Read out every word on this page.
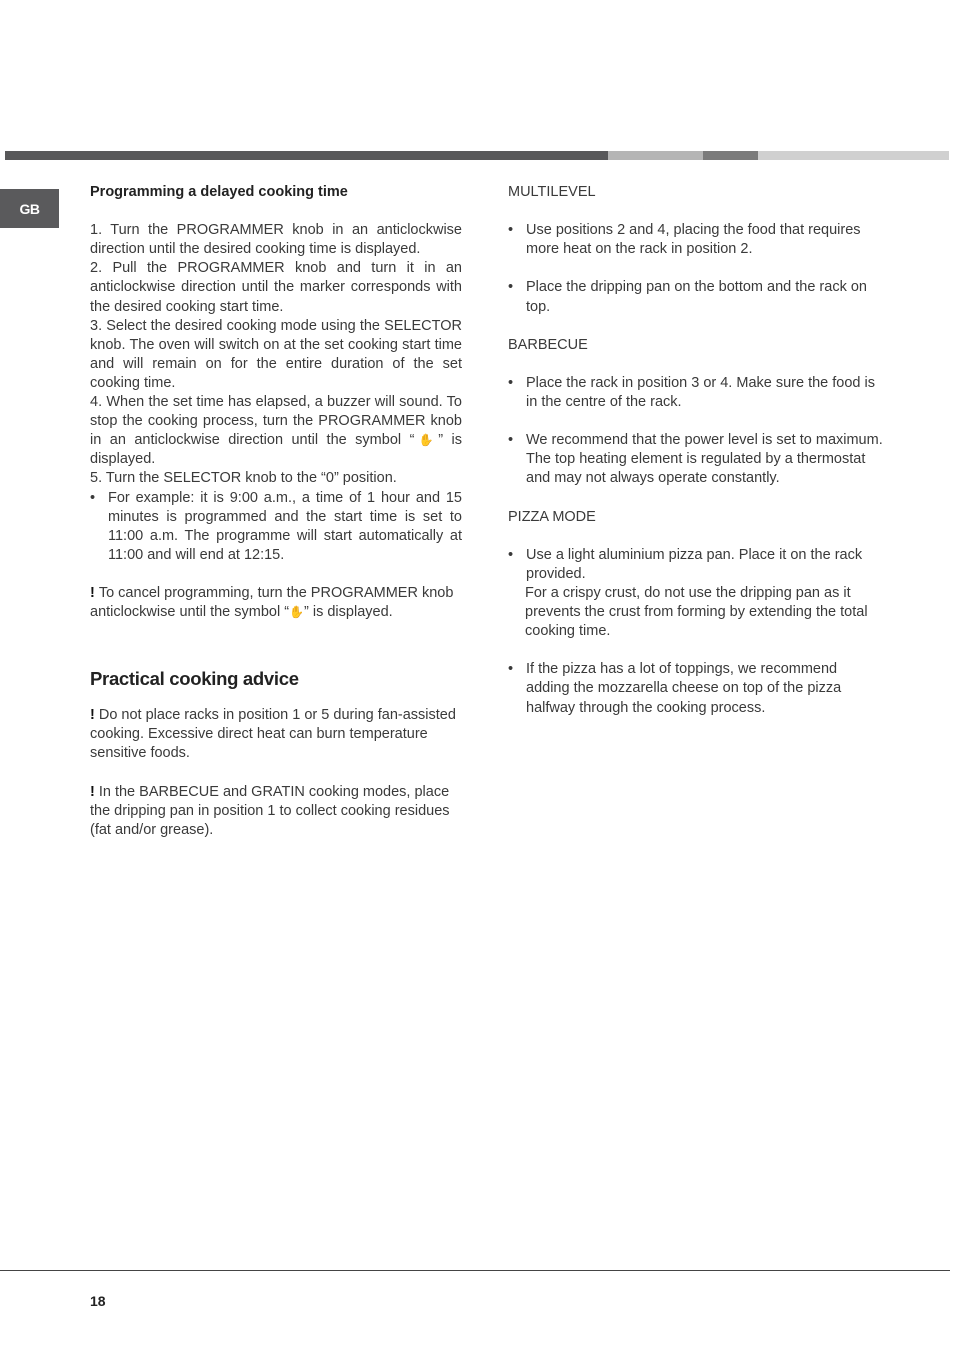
GB

Programming a delayed cooking time

1. Turn the PROGRAMMER knob in an anticlockwise direction until the desired cooking time is displayed.

2. Pull the PROGRAMMER knob and turn it in an anticlockwise direction until the marker corresponds with the desired cooking start time.

3. Select the desired cooking mode using the SELECTOR knob. The oven will switch on at the set cooking start time and will remain on for the entire duration of the set cooking time.

4. When the set time has elapsed, a buzzer will sound. To stop the cooking process, turn the PROGRAMMER knob in an anticlockwise direction until the symbol “✋” is displayed.

5. Turn the SELECTOR knob to the “0” position.

• For example: it is 9:00 a.m., a time of 1 hour and 15 minutes is programmed and the start time is set to 11:00 a.m. The programme will start automatically at 11:00 and will end at 12:15.

! To cancel programming, turn the PROGRAMMER knob anticlockwise until the symbol “✋” is displayed.

Practical cooking advice

! Do not place racks in position 1 or 5 during fan-assisted cooking. Excessive direct heat can burn temperature sensitive foods.

! In the BARBECUE and GRATIN cooking modes, place the dripping pan in position 1 to collect cooking residues (fat and/or grease).

MULTILEVEL

• Use positions 2 and 4, placing the food that requires more heat on the rack in position 2.
• Place the dripping pan on the bottom and the rack on top.

BARBECUE

• Place the rack in position 3 or 4. Make sure the food is in the centre of the rack.
• We recommend that the power level is set to maximum. The top heating element is regulated by a thermostat and may not always operate constantly.

PIZZA MODE

• Use a light aluminium pizza pan. Place it on the rack provided.

For a crispy crust, do not use the dripping pan as it prevents the crust from forming by extending the total cooking time.

• If the pizza has a lot of toppings, we recommend adding the mozzarella cheese on top of the pizza halfway through the cooking process.
18
